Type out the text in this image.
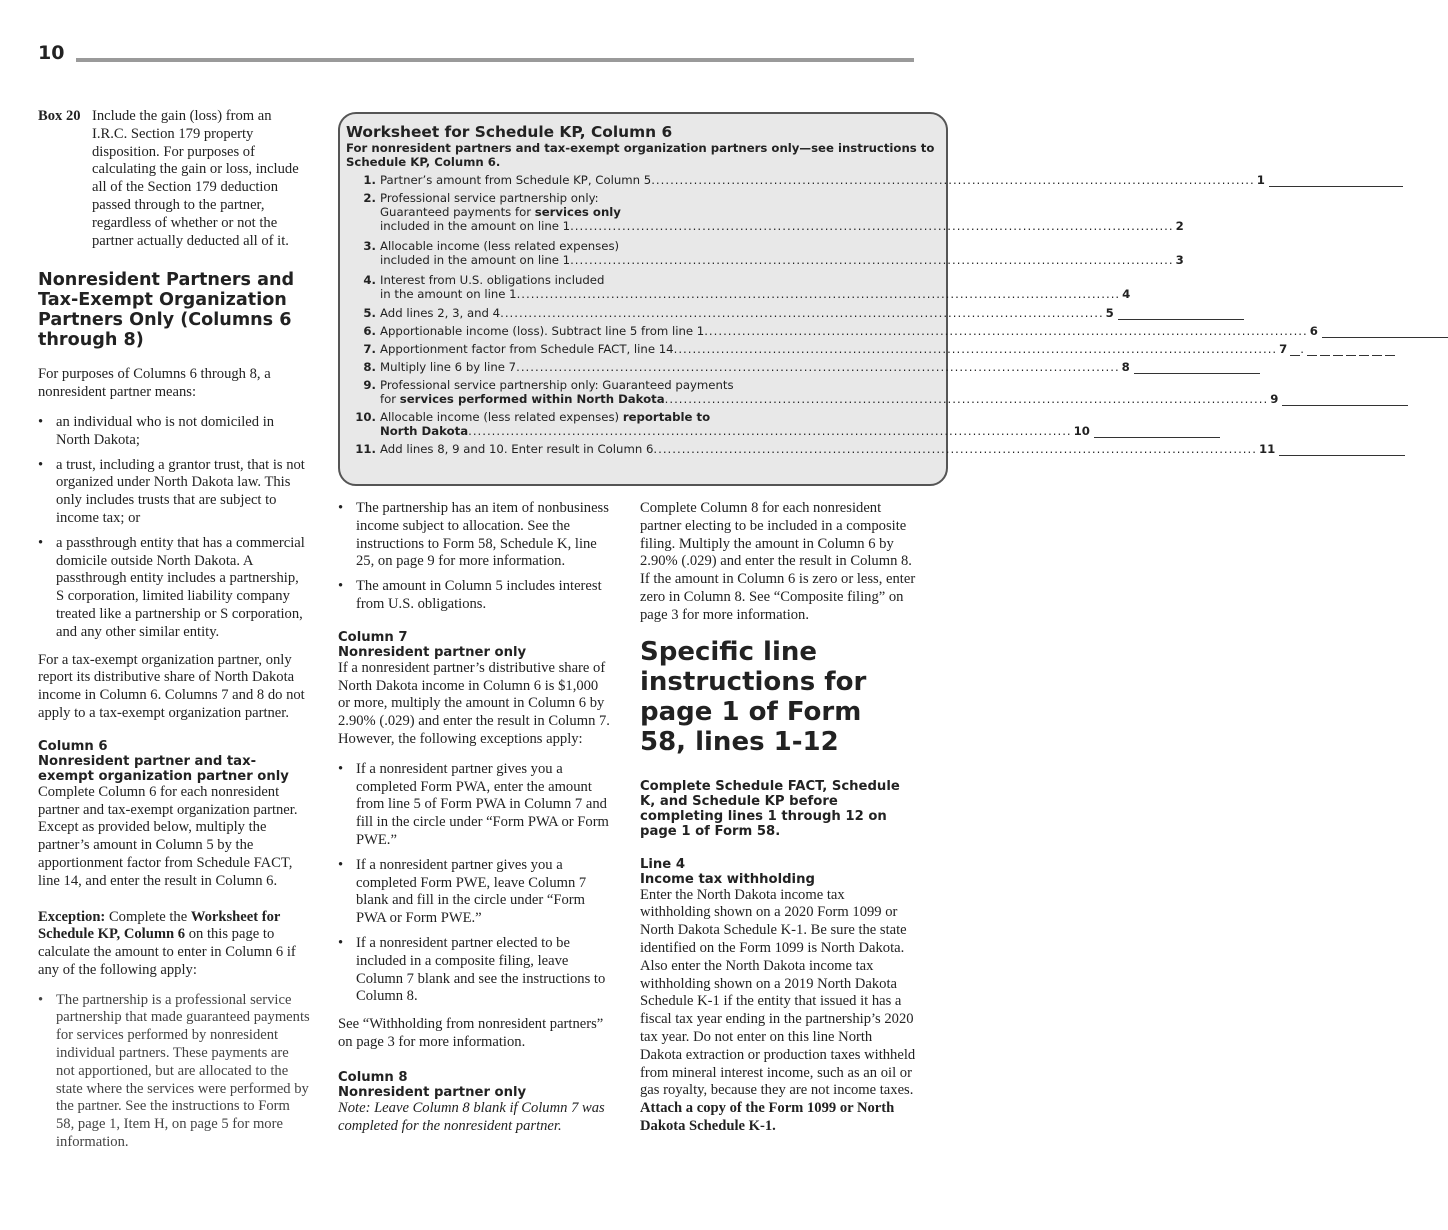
10
Box 20 Include the gain (loss) from an I.R.C. Section 179 property disposition. For purposes of calculating the gain or loss, include all of the Section 179 deduction passed through to the partner, regardless of whether or not the partner actually deducted all of it.
Nonresident Partners and Tax-Exempt Organization Partners Only (Columns 6 through 8)

For purposes of Columns 6 through 8, a nonresident partner means:

• an individual who is not domiciled in North Dakota;
• a trust, including a grantor trust, that is not organized under North Dakota law. This only includes trusts that are subject to income tax; or
• a passthrough entity that has a commercial domicile outside North Dakota. A passthrough entity includes a partnership, S corporation, limited liability company treated like a partnership or S corporation, and any other similar entity.

For a tax-exempt organization partner, only report its distributive share of North Dakota income in Column 6. Columns 7 and 8 do not apply to a tax-exempt organization partner.

Column 6
Nonresident partner and tax-exempt organization partner only

Complete Column 6 for each nonresident partner and tax-exempt organization partner. Except as provided below, multiply the partner’s amount in Column 5 by the apportionment factor from Schedule FACT, line 14, and enter the result in Column 6.

Exception: Complete the Worksheet for Schedule KP, Column 6 on this page to calculate the amount to enter in Column 6 if any of the following apply:

• The partnership is a professional service partnership that made guaranteed payments for services performed by nonresident individual partners. These payments are not apportioned, but are allocated to the state where the services were performed by the partner. See the instructions to Form 58, page 1, Item H, on page 5 for more information.
Worksheet for Schedule KP, Column 6
For nonresident partners and tax-exempt organization partners only—see instructions to Schedule KP, Column 6.
1. Partner’s amount from Schedule KP, Column 5 .....	1
2. Professional service partnership only:
Guaranteed payments for services only
included in the amount on line 1 .....	2
3. Allocable income (less related expenses)
included in the amount on line 1 .....	3
4. Interest from U.S. obligations included
in the amount on line 1 .....	4
5. Add lines 2, 3, and 4 .....	5
6. Apportionable income (loss). Subtract line 5 from line 1 .....	6
7. Apportionment factor from Schedule FACT, line 14 .....	7	.
8. Multiply line 6 by line 7 .....	8
9. Professional service partnership only: Guaranteed payments
for services performed within North Dakota .....	9
10. Allocable income (less related expenses) reportable to
North Dakota .....	10
11. Add lines 8, 9 and 10. Enter result in Column 6 .....	11
• The partnership has an item of nonbusiness income subject to allocation. See the instructions to Form 58, Schedule K, line 25, on page 9 for more information.
• The amount in Column 5 includes interest from U.S. obligations.
Column 7
Nonresident partner only

If a nonresident partner’s distributive share of North Dakota income in Column 6 is $1,000 or more, multiply the amount in Column 6 by 2.90% (.029) and enter the result in Column 7. However, the following exceptions apply:

• If a nonresident partner gives you a completed Form PWA, enter the amount from line 5 of Form PWA in Column 7 and fill in the circle under “Form PWA or Form PWE.”
• If a nonresident partner gives you a completed Form PWE, leave Column 7 blank and fill in the circle under “Form PWA or Form PWE.”
• If a nonresident partner elected to be included in a composite filing, leave Column 7 blank and see the instructions to Column 8.

See “Withholding from nonresident partners” on page 3 for more information.

Column 8
Nonresident partner only

Note: Leave Column 8 blank if Column 7 was completed for the nonresident partner.

Complete Column 8 for each nonresident partner electing to be included in a composite filing. Multiply the amount in Column 6 by 2.90% (.029) and enter the result in Column 8. If the amount in Column 6 is zero or less, enter zero in Column 8. See “Composite filing” on page 3 for more information.

Specific line instructions for page 1 of Form 58, lines 1-12
Complete Schedule FACT, Schedule K, and Schedule KP before completing lines 1 through 12 on page 1 of Form 58.
Line 4
Income tax withholding

Enter the North Dakota income tax withholding shown on a 2020 Form 1099 or North Dakota Schedule K-1. Be sure the state identified on the Form 1099 is North Dakota. Also enter the North Dakota income tax withholding shown on a 2019 North Dakota Schedule K-1 if the entity that issued it has a fiscal tax year ending in the partnership’s 2020 tax year. Do not enter on this line North Dakota extraction or production taxes withheld from mineral interest income, such as an oil or gas royalty, because they are not income taxes. Attach a copy of the Form 1099 or North Dakota Schedule K-1.
